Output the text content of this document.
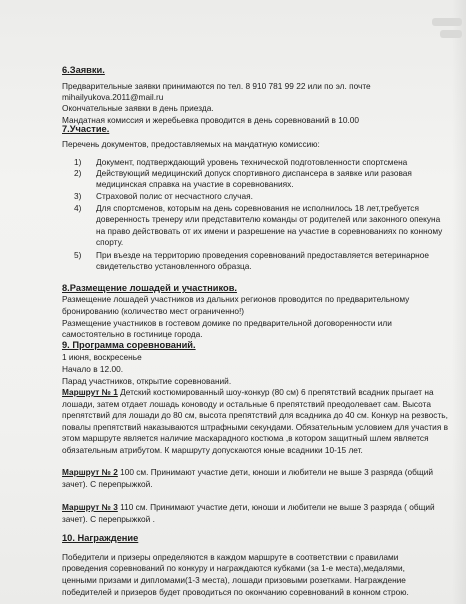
6.Заявки.
Предварительные заявки принимаются по тел. 8 910 781 99 22 или по эл. почте
mihailyukova.2011@mail.ru
Окончательные заявки в день приезда.
Мандатная комиссия и жеребьевка проводится в день соревнований в 10.00
7.Участие.
Перечень документов, предоставляемых на мандатную комиссию:
1) Документ, подтверждающий уровень технической подготовленности спортсмена
2) Действующий медицинский допуск спортивного диспансера в заявке или разовая
медицинская справка на участие в соревнованиях.
3) Страховой полис от несчастного случая.
4) Для спортсменов, которым на день соревнования не исполнилось 18 лет,требуется
доверенность тренеру или представителю команды от родителей или законного опекуна
на право действовать от их имени и разрешение на участие в соревнованиях по конному
спорту.
5) При въезде на территорию проведения соревнований предоставляется ветеринарное
свидетельство установленного образца.
8.Размещение лошадей и участников.
Размещение лошадей участников из дальних регионов проводится по предварительному
бронированию (количество мест ограниченно!)
Размещение участников в гостевом домике по предварительной договоренности или
самостоятельно в гостинице города.
9. Программа соревнований.
1 июня, воскресенье
Начало в 12.00.
Парад участников, открытие соревнований.
Маршрут № 1 Детский костюмированный шоу-конкур (80 см) 6 препятствий всадник прыгает на
лошади, затем отдает лошадь коноводу и остальные 6 препятствий преодолевает сам. Высота
препятствий для лошади до 80 см, высота препятствий для всадника до 40 см. Конкур на резвость,
повалы препятствий наказываются штрафными секундами. Обязательным условием для участия в
этом маршруте является наличие маскарадного костюма ,в котором защитный шлем является
обязательным атрибутом. К маршруту допускаются юные всадники 10-15 лет.
Маршрут № 2 100 см. Принимают участие дети, юноши и любители не выше 3 разряда (общий
зачет). С перепрыжкой.
Маршрут № 3 110 см. Принимают участие дети, юноши и любители не выше 3 разряда ( общий
зачет). С перепрыжкой .
10. Награждение
Победители и призеры определяются в каждом маршруте в соответствии с правилами
проведения соревнований по конкуру и награждаются кубками (за 1-е места),медалями,
ценными призами и дипломами(1-3 места), лошади призовыми розетками. Награждение
победителей и призеров будет проводиться по окончанию соревнований в конном строю.
